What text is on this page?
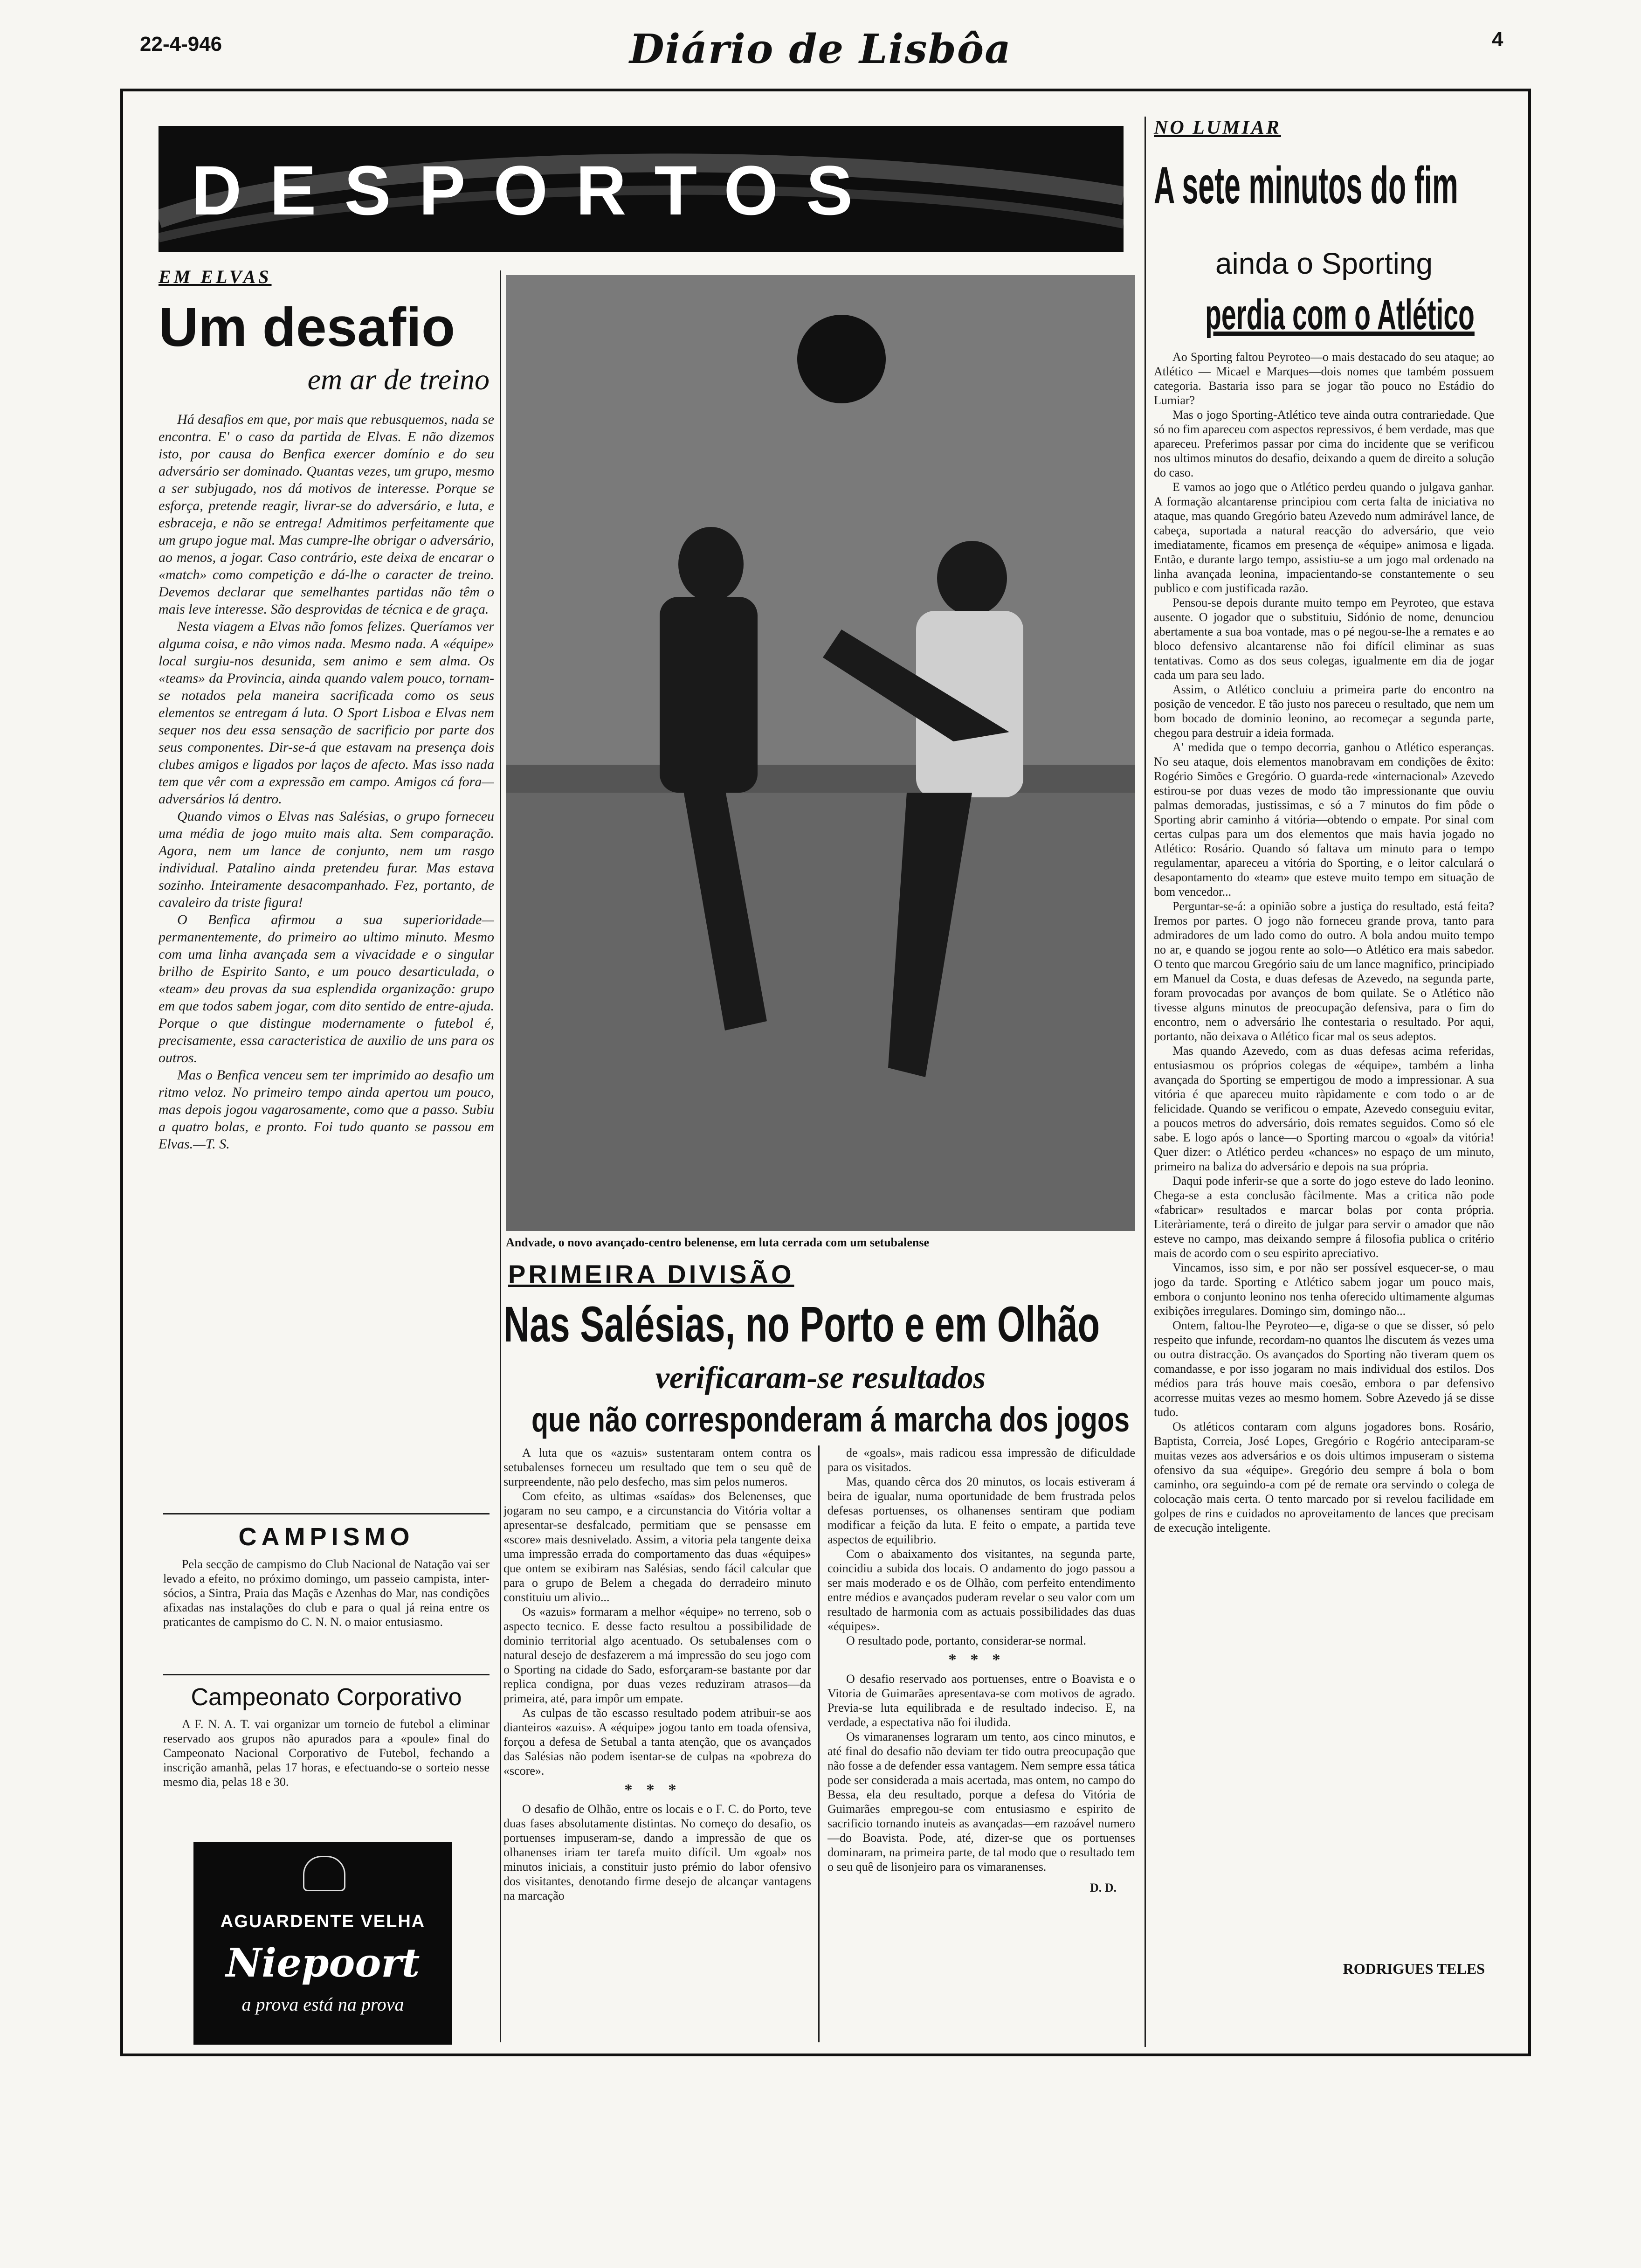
22-4-946	Diário de Lisbôa	4
DESPORTOS
EM ELVAS
Um desafio
em ar de treino

Há desafios em que, por mais que rebusquemos, nada se encontra. E' o caso da partida de Elvas. E não dizemos isto, por causa do Benfica exercer domínio e do seu adversário ser dominado. Quantas vezes, um grupo, mesmo a ser subjugado, nos dá motivos de interesse. Porque se esforça, pretende reagir, livrar-se do adversário, e luta, e esbraceja, e não se entrega! Admitimos perfeitamente que um grupo jogue mal. Mas cumpre-lhe obrigar o adversário, ao menos, a jogar. Caso contrário, este deixa de encarar o «match» como competição e dá-lhe o caracter de treino. Devemos declarar que semelhantes partidas não têm o mais leve interesse. São desprovidas de técnica e de graça.

Nesta viagem a Elvas não fomos felizes. Queríamos ver alguma coisa, e não vimos nada. Mesmo nada. A «équipe» local surgiu-nos desunida, sem animo e sem alma. Os «teams» da Provincia, ainda quando valem pouco, tornam-se notados pela maneira sacrificada como os seus elementos se entregam á luta. O Sport Lisboa e Elvas nem sequer nos deu essa sensação de sacrificio por parte dos seus componentes. Dir-se-á que estavam na presença dois clubes amigos e ligados por laços de afecto. Mas isso nada tem que vêr com a expressão em campo. Amigos cá fora—adversários lá dentro.

Quando vimos o Elvas nas Salésias, o grupo forneceu uma média de jogo muito mais alta. Sem comparação. Agora, nem um lance de conjunto, nem um rasgo individual. Patalino ainda pretendeu furar. Mas estava sozinho. Inteiramente desacompanhado. Fez, portanto, de cavaleiro da triste figura!

O Benfica afirmou a sua superioridade—permanentemente, do primeiro ao ultimo minuto. Mesmo com uma linha avançada sem a vivacidade e o singular brilho de Espirito Santo, e um pouco desarticulada, o «team» deu provas da sua esplendida organização: grupo em que todos sabem jogar, com dito sentido de entre-ajuda. Porque o que distingue modernamente o futebol é, precisamente, essa caracteristica de auxilio de uns para os outros.

Mas o Benfica venceu sem ter imprimido ao desafio um ritmo veloz. No primeiro tempo ainda apertou um pouco, mas depois jogou vagarosamente, como que a passo. Subiu a quatro bolas, e pronto. Foi tudo quanto se passou em Elvas.—T. S.

CAMPISMO
Pela secção de campismo do Club Nacional de Natação vai ser levado a efeito, no próximo domingo, um passeio campista, inter-sócios, a Sintra, Praia das Maçãs e Azenhas do Mar, nas condições afixadas nas instalações do club e para o qual já reina entre os praticantes de campismo do C. N. N. o maior entusiasmo.
Campeonato Corporativo
A F. N. A. T. vai organizar um torneio de futebol a eliminar reservado aos grupos não apurados para a «poule» final do Campeonato Nacional Corporativo de Futebol, fechando a inscrição amanhã, pelas 17 horas, e efectuando-se o sorteio nesse mesmo dia, pelas 18 e 30.
AGUARDENTE VELHA
Niepoort
a prova está na prova
Andvade, o novo avançado-centro belenense, em luta cerrada com um setubalense
PRIMEIRA DIVISÃO
Nas Salésias, no Porto e em Olhão
verificaram-se resultados
que não corresponderam á marcha dos jogos

A luta que os «azuis» sustentaram ontem contra os setubalenses forneceu um resultado que tem o seu quê de surpreendente, não pelo desfecho, mas sim pelos numeros.

Com efeito, as ultimas «saídas» dos Belenenses, que jogaram no seu campo, e a circunstancia do Vitória voltar a apresentar-se desfalcado, permitiam que se pensasse em «score» mais desnivelado. Assim, a vitoria pela tangente deixa uma impressão errada do comportamento das duas «équipes» que ontem se exibiram nas Salésias, sendo fácil calcular que para o grupo de Belem a chegada do derradeiro minuto constituiu um alivio...

Os «azuis» formaram a melhor «équipe» no terreno, sob o aspecto tecnico. E desse facto resultou a possibilidade de dominio territorial algo acentuado. Os setubalenses com o natural desejo de desfazerem a má impressão do seu jogo com o Sporting na cidade do Sado, esforçaram-se bastante por dar replica condigna, por duas vezes reduziram atrasos—da primeira, até, para impôr um empate.

As culpas de tão escasso resultado podem atribuir-se aos dianteiros «azuis». A «équipe» jogou tanto em toada ofensiva, forçou a defesa de Setubal a tanta atenção, que os avançados das Salésias não podem isentar-se de culpas na «pobreza do «score».

***

O desafio de Olhão, entre os locais e o F. C. do Porto, teve duas fases absolutamente distintas. No começo do desafio, os portuenses impuseram-se, dando a impressão de que os olhanenses iriam ter tarefa muito difícil. Um «goal» nos minutos iniciais, a constituir justo prémio do labor ofensivo dos visitantes, denotando firme desejo de alcançar vantagens na marcação

de «goals», mais radicou essa impressão de dificuldade para os visitados.

Mas, quando cêrca dos 20 minutos, os locais estiveram á beira de igualar, numa oportunidade de bem frustrada pelos defesas portuenses, os olhanenses sentiram que podiam modificar a feição da luta. E feito o empate, a partida teve aspectos de equilibrio.

Com o abaixamento dos visitantes, na segunda parte, coincidiu a subida dos locais. O andamento do jogo passou a ser mais moderado e os de Olhão, com perfeito entendimento entre médios e avançados puderam revelar o seu valor com um resultado de harmonia com as actuais possibilidades das duas «équipes».

O resultado pode, portanto, considerar-se normal.

***

O desafio reservado aos portuenses, entre o Boavista e o Vitoria de Guimarães apresentava-se com motivos de agrado. Previa-se luta equilibrada e de resultado indeciso. E, na verdade, a espectativa não foi iludida.

Os vimaranenses lograram um tento, aos cinco minutos, e até final do desafio não deviam ter tido outra preocupação que não fosse a de defender essa vantagem. Nem sempre essa tática pode ser considerada a mais acertada, mas ontem, no campo do Bessa, ela deu resultado, porque a defesa do Vitória de Guimarães empregou-se com entusiasmo e espirito de sacrificio tornando inuteis as avançadas—em razoável numero—do Boavista. Pode, até, dizer-se que os portuenses dominaram, na primeira parte, de tal modo que o resultado tem o seu quê de lisonjeiro para os vimaranenses.

D. D.
NO LUMIAR
A sete minutos do fim
ainda o Sporting
perdia com o Atlético

Ao Sporting faltou Peyroteo—o mais destacado do seu ataque; ao Atlético — Micael e Marques—dois nomes que também possuem categoria. Bastaria isso para se jogar tão pouco no Estádio do Lumiar?

Mas o jogo Sporting-Atlético teve ainda outra contrariedade. Que só no fim apareceu com aspectos repressivos, é bem verdade, mas que apareceu. Preferimos passar por cima do incidente que se verificou nos ultimos minutos do desafio, deixando a quem de direito a solução do caso.

E vamos ao jogo que o Atlético perdeu quando o julgava ganhar. A formação alcantarense principiou com certa falta de iniciativa no ataque, mas quando Gregório bateu Azevedo num admirável lance, de cabeça, suportada a natural reacção do adversário, que veio imediatamente, ficamos em presença de «équipe» animosa e ligada. Então, e durante largo tempo, assistiu-se a um jogo mal ordenado na linha avançada leonina, impacientando-se constantemente o seu publico e com justificada razão.

Pensou-se depois durante muito tempo em Peyroteo, que estava ausente. O jogador que o substituiu, Sidónio de nome, denunciou abertamente a sua boa vontade, mas o pé negou-se-lhe a remates e ao bloco defensivo alcantarense não foi difícil eliminar as suas tentativas. Como as dos seus colegas, igualmente em dia de jogar cada um para seu lado.

Assim, o Atlético concluiu a primeira parte do encontro na posição de vencedor. E tão justo nos pareceu o resultado, que nem um bom bocado de dominio leonino, ao recomeçar a segunda parte, chegou para destruir a ideia formada.

A' medida que o tempo decorria, ganhou o Atlético esperanças. No seu ataque, dois elementos manobravam em condições de êxito: Rogério Simões e Gregório. O guarda-rede «internacional» Azevedo estirou-se por duas vezes de modo tão impressionante que ouviu palmas demoradas, justissimas, e só a 7 minutos do fim pôde o Sporting abrir caminho á vitória—obtendo o empate. Por sinal com certas culpas para um dos elementos que mais havia jogado no Atlético: Rosário. Quando só faltava um minuto para o tempo regulamentar, apareceu a vitória do Sporting, e o leitor calculará o desapontamento do «team» que esteve muito tempo em situação de bom vencedor...

Perguntar-se-á: a opinião sobre a justiça do resultado, está feita? Iremos por partes. O jogo não forneceu grande prova, tanto para admiradores de um lado como do outro. A bola andou muito tempo no ar, e quando se jogou rente ao solo—o Atlético era mais sabedor. O tento que marcou Gregório saiu de um lance magnifico, principiado em Manuel da Costa, e duas defesas de Azevedo, na segunda parte, foram provocadas por avanços de bom quilate. Se o Atlético não tivesse alguns minutos de preocupação defensiva, para o fim do encontro, nem o adversário lhe contestaria o resultado. Por aqui, portanto, não deixava o Atlético ficar mal os seus adeptos.

Mas quando Azevedo, com as duas defesas acima referidas, entusiasmou os próprios colegas de «équipe», também a linha avançada do Sporting se empertigou de modo a impressionar. A sua vitória é que apareceu muito ràpidamente e com todo o ar de felicidade. Quando se verificou o empate, Azevedo conseguiu evitar, a poucos metros do adversário, dois remates seguidos. Como só ele sabe. E logo após o lance—o Sporting marcou o «goal» da vitória! Quer dizer: o Atlético perdeu «chances» no espaço de um minuto, primeiro na baliza do adversário e depois na sua própria.

Daqui pode inferir-se que a sorte do jogo esteve do lado leonino. Chega-se a esta conclusão fàcilmente. Mas a critica não pode «fabricar» resultados e marcar bolas por conta própria. Literàriamente, terá o direito de julgar para servir o amador que não esteve no campo, mas deixando sempre á filosofia publica o critério mais de acordo com o seu espirito apreciativo.

Vincamos, isso sim, e por não ser possível esquecer-se, o mau jogo da tarde. Sporting e Atlético sabem jogar um pouco mais, embora o conjunto leonino nos tenha oferecido ultimamente algumas exibições irregulares. Domingo sim, domingo não...

Ontem, faltou-lhe Peyroteo—e, diga-se o que se disser, só pelo respeito que infunde, recordam-no quantos lhe discutem ás vezes uma ou outra distracção. Os avançados do Sporting não tiveram quem os comandasse, e por isso jogaram no mais individual dos estilos. Dos médios para trás houve mais coesão, embora o par defensivo acorresse muitas vezes ao mesmo homem. Sobre Azevedo já se disse tudo.

Os atléticos contaram com alguns jogadores bons. Rosário, Baptista, Correia, José Lopes, Gregório e Rogério anteciparam-se muitas vezes aos adversários e os dois ultimos impuseram o sistema ofensivo da sua «équipe». Gregório deu sempre á bola o bom caminho, ora seguindo-a com pé de remate ora servindo o colega de colocação mais certa. O tento marcado por si revelou facilidade em golpes de rins e cuidados no aproveitamento de lances que precisam de execução inteligente.

RODRIGUES TELES
